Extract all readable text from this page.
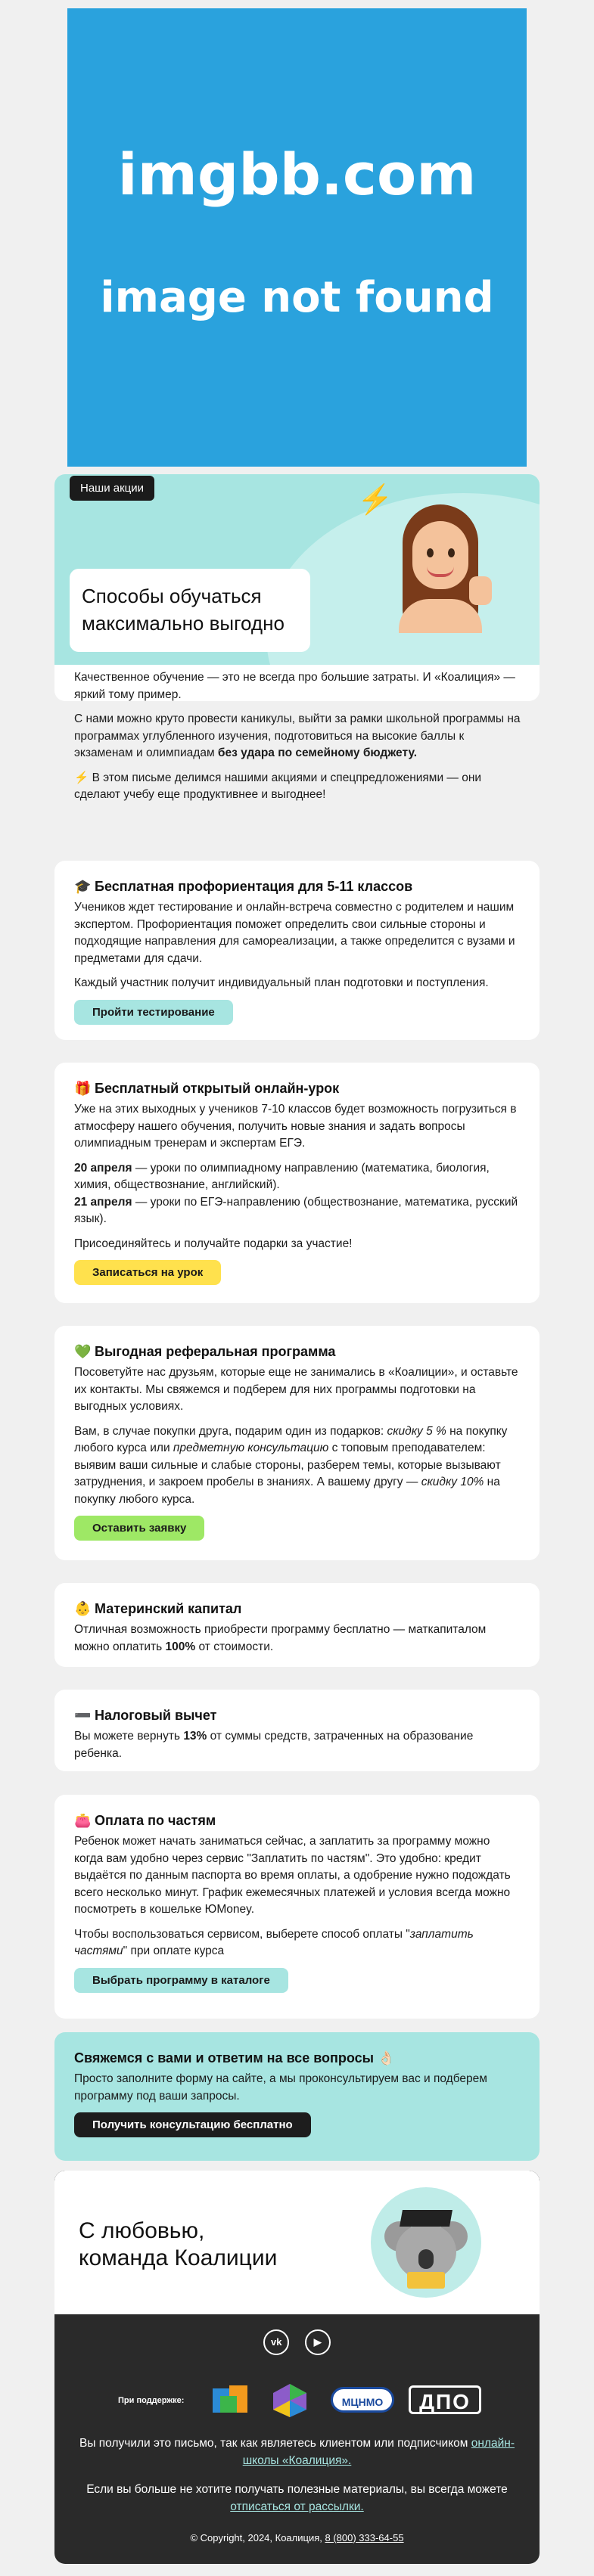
imgbb.com
image not found
Наши акции	⚡
Способы обучаться максимально выгодно

Качественное обучение — это не всегда про большие затраты. И «Коалиция» — яркий тому пример.

С нами можно круто провести каникулы, выйти за рамки школьной программы на программах углубленного изучения, подготовиться на высокие баллы к экзаменам и олимпиадам без удара по семейному бюджету.

⚡ В этом письме делимся нашими акциями и спецпредложениями — они сделают учебу еще продуктивнее и выгоднее!

🎓 Бесплатная профориентация для 5-11 классов

Учеников ждет тестирование и онлайн-встреча совместно с родителем и нашим экспертом. Профориентация поможет определить свои сильные стороны и подходящие направления для самореализации, а также определится с вузами и предметами для сдачи.

Каждый участник получит индивидуальный план подготовки и поступления.

Пройти тестирование
🎁 Бесплатный открытый онлайн-урок

Уже на этих выходных у учеников 7-10 классов будет возможность погрузиться в атмосферу нашего обучения, получить новые знания и задать вопросы олимпиадным тренерам и экспертам ЕГЭ.

20 апреля — уроки по олимпиадному направлению (математика, биология, химия, обществознание, английский).

21 апреля — уроки по ЕГЭ-направлению (обществознание, математика, русский язык).

Присоединяйтесь и получайте подарки за участие!

Записаться на урок
💚 Выгодная реферальная программа

Посоветуйте нас друзьям, которые еще не занимались в «Коалиции», и оставьте их контакты. Мы свяжемся и подберем для них программы подготовки на выгодных условиях.

Вам, в случае покупки друга, подарим один из подарков: скидку 5 % на покупку любого курса или предметную консультацию с топовым преподавателем: выявим ваши сильные и слабые стороны, разберем темы, которые вызывают затруднения, и закроем пробелы в знаниях. А вашему другу — скидку 10% на покупку любого курса.

Оставить заявку
👶 Материнский капитал

Отличная возможность приобрести программу бесплатно — маткапиталом можно оплатить 100% от стоимости.

➖ Налоговый вычет

Вы можете вернуть 13% от суммы средств, затраченных на образование ребенка.

👛 Оплата по частям

Ребенок может начать заниматься сейчас, а заплатить за программу можно когда вам удобно через сервис "Заплатить по частям". Это удобно: кредит выдаётся по данным паспорта во время оплаты, а одобрение нужно подождать всего несколько минут. График ежемесячных платежей и условия всегда можно посмотреть в кошельке ЮMoney.

Чтобы воспользоваться сервисом, выберете способ оплаты "заплатить частями" при оплате курса

Выбрать программу в каталоге
Свяжемся с вами и ответим на все вопросы 👌🏻

Просто заполните форму на сайте, а мы проконсультируем вас и подберем программу под ваши запросы.

Получить консультацию бесплатно
С любовью,
команда Коалиции
vk	▶
При поддержке:	МЦНМО	ДПО

Вы получили это письмо, так как являетесь клиентом или подписчиком онлайн-школы «Коалиция».

Если вы больше не хотите получать полезные материалы, вы всегда можете отписаться от рассылки.

© Copyright, 2024, Коалиция, 8 (800) 333-64-55
